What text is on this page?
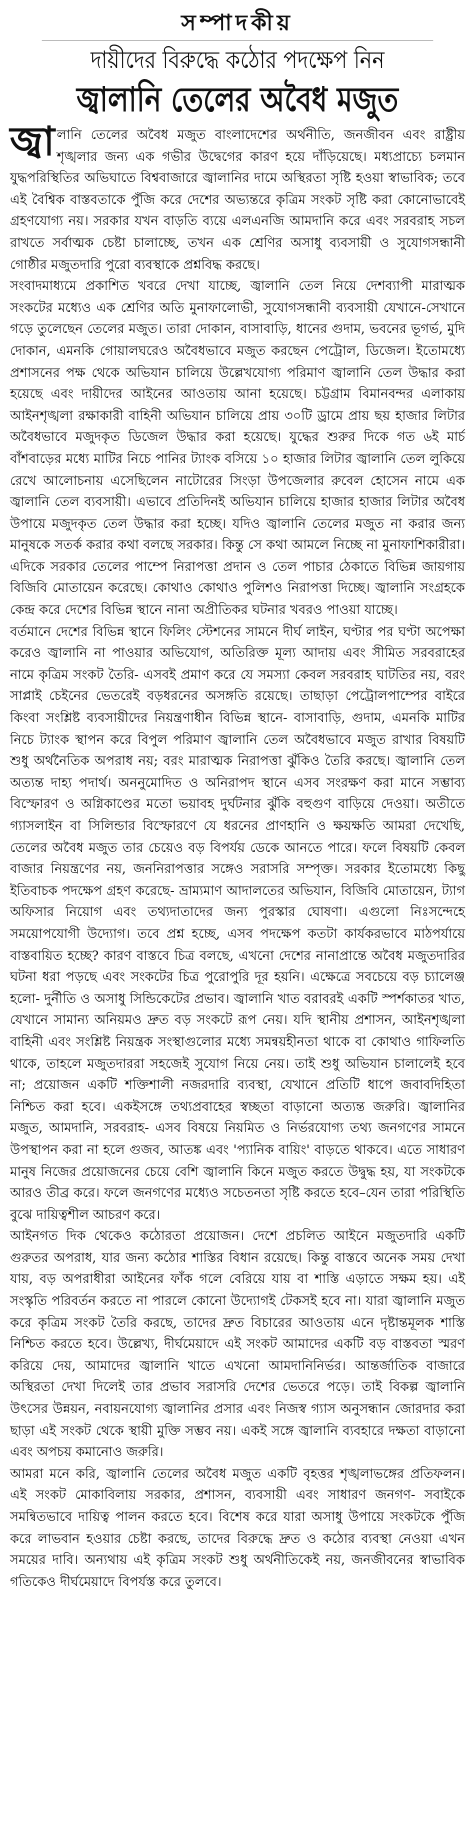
সম্পাদকীয়
দায়ীদের বিরুদ্ধে কঠোর পদক্ষেপ নিন
জ্বালানি তেলের অবৈধ মজুত

জ্বা লানি তেলের অবৈধ মজুত বাংলাদেশের অর্থনীতি, জনজীবন এবং রাষ্ট্রীয় শৃঙ্খলার জন্য এক গভীর উদ্বেগের কারণ হয়ে দাঁড়িয়েছে। মধ্যপ্রাচ্যে চলমান যুদ্ধপরিস্থিতির অভিঘাতে বিশ্ববাজারে জ্বালানির দামে অস্থিরতা সৃষ্টি হওয়া স্বাভাবিক; তবে এই বৈশ্বিক বাস্তবতাকে পুঁজি করে দেশের অভ্যন্তরে কৃত্রিম সংকট সৃষ্টি করা কোনোভাবেই গ্রহণযোগ্য নয়। সরকার যখন বাড়তি ব্যয়ে এলএনজি আমদানি করে এবং সরবরাহ সচল রাখতে সর্বাত্মক চেষ্টা চালাচ্ছে, তখন এক শ্রেণির অসাধু ব্যবসায়ী ও সুযোগসন্ধানী গোষ্ঠীর মজুতদারি পুরো ব্যবস্থাকে প্রশ্নবিদ্ধ করছে।

সংবাদমাধ্যমে প্রকাশিত খবরে দেখা যাচ্ছে, জ্বালানি তেল নিয়ে দেশব্যাপী মারাত্মক সংকটের মধ্যেও এক শ্রেণির অতি মুনাফালোভী, সুযোগসন্ধানী ব্যবসায়ী যেখানে-সেখানে গড়ে তুলেছেন তেলের মজুত। তারা দোকান, বাসাবাড়ি, ধানের গুদাম, ভবনের ভূগর্ভ, মুদি দোকান, এমনকি গোয়ালঘরেও অবৈধভাবে মজুত করছেন পেট্রোল, ডিজেল। ইতোমধ্যে প্রশাসনের পক্ষ থেকে অভিযান চালিয়ে উল্লেখযোগ্য পরিমাণ জ্বালানি তেল উদ্ধার করা হয়েছে এবং দায়ীদের আইনের আওতায় আনা হয়েছে। চট্টগ্রাম বিমানবন্দর এলাকায় আইনশৃঙ্খলা রক্ষাকারী বাহিনী অভিযান চালিয়ে প্রায় ৩০টি ড্রামে প্রায় ছয় হাজার লিটার অবৈধভাবে মজুদকৃত ডিজেল উদ্ধার করা হয়েছে। যুদ্ধের শুরুর দিকে গত ৬ই মার্চ বাঁশবাড়ের মধ্যে মাটির নিচে পানির ট্যাংক বসিয়ে ১০ হাজার লিটার জ্বালানি তেল লুকিয়ে রেখে আলোচনায় এসেছিলেন নাটোরের সিংড়া উপজেলার রুবেল হোসেন নামে এক জ্বালানি তেল ব্যবসায়ী। এভাবে প্রতিদিনই অভিযান চালিয়ে হাজার হাজার লিটার অবৈধ উপায়ে মজুদকৃত তেল উদ্ধার করা হচ্ছে। যদিও জ্বালানি তেলের মজুত না করার জন্য মানুষকে সতর্ক করার কথা বলছে সরকার। কিন্তু সে কথা আমলে নিচ্ছে না মুনাফাশিকারীরা। এদিকে সরকার তেলের পাম্পে নিরাপত্তা প্রদান ও তেল পাচার ঠেকাতে বিভিন্ন জায়গায় বিজিবি মোতায়েন করেছে। কোথাও কোথাও পুলিশও নিরাপত্তা দিচ্ছে। জ্বালানি সংগ্রহকে কেন্দ্র করে দেশের বিভিন্ন স্থানে নানা অপ্রীতিকর ঘটনার খবরও পাওয়া যাচ্ছে।

বর্তমানে দেশের বিভিন্ন স্থানে ফিলিং স্টেশনের সামনে দীর্ঘ লাইন, ঘণ্টার পর ঘণ্টা অপেক্ষা করেও জ্বালানি না পাওয়ার অভিযোগ, অতিরিক্ত মূল্য আদায় এবং সীমিত সরবরাহের নামে কৃত্রিম সংকট তৈরি- এসবই প্রমাণ করে যে সমস্যা কেবল সরবরাহ ঘাটতির নয়, বরং সাপ্লাই চেইনের ভেতরেই বড়ধরনের অসঙ্গতি রয়েছে। তাছাড়া পেট্রোলপাম্পের বাইরে কিংবা সংশ্লিষ্ট ব্যবসায়ীদের নিয়ন্ত্রণাধীন বিভিন্ন স্থানে- বাসাবাড়ি, গুদাম, এমনকি মাটির নিচে ট্যাংক স্থাপন করে বিপুল পরিমাণ জ্বালানি তেল অবৈধভাবে মজুত রাখার বিষয়টি শুধু অর্থনৈতিক অপরাধ নয়; বরং মারাত্মক নিরাপত্তা ঝুঁকিও তৈরি করছে। জ্বালানি তেল অত্যন্ত দাহ্য পদার্থ। অননুমোদিত ও অনিরাপদ স্থানে এসব সংরক্ষণ করা মানে সম্ভাব্য বিস্ফোরণ ও অগ্নিকাণ্ডের মতো ভয়াবহ দুর্ঘটনার ঝুঁকি বহুগুণ বাড়িয়ে দেওয়া। অতীতে গ্যাসলাইন বা সিলিন্ডার বিস্ফোরণে যে ধরনের প্রাণহানি ও ক্ষয়ক্ষতি আমরা দেখেছি, তেলের অবৈধ মজুত তার চেয়েও বড় বিপর্যয় ডেকে আনতে পারে। ফলে বিষয়টি কেবল বাজার নিয়ন্ত্রণের নয়, জননিরাপত্তার সঙ্গেও সরাসরি সম্পৃক্ত। সরকার ইতোমধ্যে কিছু ইতিবাচক পদক্ষেপ গ্রহণ করেছে- ভ্রাম্যমাণ আদালতের অভিযান, বিজিবি মোতায়েন, ট্যাগ অফিসার নিয়োগ এবং তথ্যদাতাদের জন্য পুরস্কার ঘোষণা। এগুলো নিঃসন্দেহে সময়োপযোগী উদ্যোগ। তবে প্রশ্ন হচ্ছে, এসব পদক্ষেপ কতটা কার্যকরভাবে মাঠপর্যায়ে বাস্তবায়িত হচ্ছে? কারণ বাস্তবে চিত্র বলছে, এখনো দেশের নানাপ্রান্তে অবৈধ মজুতদারির ঘটনা ধরা পড়ছে এবং সংকটের চিত্র পুরোপুরি দূর হয়নি। এক্ষেত্রে সবচেয়ে বড় চ্যালেঞ্জ হলো- দুর্নীতি ও অসাধু সিন্ডিকেটের প্রভাব। জ্বালানি খাত বরাবরই একটি স্পর্শকাতর খাত, যেখানে সামান্য অনিয়মও দ্রুত বড় সংকটে রূপ নেয়। যদি স্থানীয় প্রশাসন, আইনশৃঙ্খলা বাহিনী এবং সংশ্লিষ্ট নিয়ন্ত্রক সংস্থাগুলোর মধ্যে সমন্বয়হীনতা থাকে বা কোথাও গাফিলতি থাকে, তাহলে মজুতদাররা সহজেই সুযোগ নিয়ে নেয়। তাই শুধু অভিযান চালালেই হবে না; প্রয়োজন একটি শক্তিশালী নজরদারি ব্যবস্থা, যেখানে প্রতিটি ধাপে জবাবদিহিতা নিশ্চিত করা হবে। একইসঙ্গে তথ্যপ্রবাহের স্বচ্ছতা বাড়ানো অত্যন্ত জরুরি। জ্বালানির মজুত, আমদানি, সরবরাহ- এসব বিষয়ে নিয়মিত ও নির্ভরযোগ্য তথ্য জনগণের সামনে উপস্থাপন করা না হলে গুজব, আতঙ্ক এবং 'প্যানিক বায়িং' বাড়তে থাকবে। এতে সাধারণ মানুষ নিজের প্রয়োজনের চেয়ে বেশি জ্বালানি কিনে মজুত করতে উদ্বুদ্ধ হয়, যা সংকটকে আরও তীব্র করে। ফলে জনগণের মধ্যেও সচেতনতা সৃষ্টি করতে হবে–যেন তারা পরিস্থিতি বুঝে দায়িত্বশীল আচরণ করে।

আইনগত দিক থেকেও কঠোরতা প্রয়োজন। দেশে প্রচলিত আইনে মজুতদারি একটি গুরুতর অপরাধ, যার জন্য কঠোর শাস্তির বিধান রয়েছে। কিন্তু বাস্তবে অনেক সময় দেখা যায়, বড় অপরাধীরা আইনের ফাঁক গলে বেরিয়ে যায় বা শাস্তি এড়াতে সক্ষম হয়। এই সংস্কৃতি পরিবর্তন করতে না পারলে কোনো উদ্যোগই টেকসই হবে না। যারা জ্বালানি মজুত করে কৃত্রিম সংকট তৈরি করছে, তাদের দ্রুত বিচারের আওতায় এনে দৃষ্টান্তমূলক শাস্তি নিশ্চিত করতে হবে। উল্লেখ্য, দীর্ঘমেয়াদে এই সংকট আমাদের একটি বড় বাস্তবতা স্মরণ করিয়ে দেয়, আমাদের জ্বালানি খাতে এখনো আমদানিনির্ভর। আন্তর্জাতিক বাজারে অস্থিরতা দেখা দিলেই তার প্রভাব সরাসরি দেশের ভেতরে পড়ে। তাই বিকল্প জ্বালানি উৎসের উন্নয়ন, নবায়নযোগ্য জ্বালানির প্রসার এবং নিজস্ব গ্যাস অনুসন্ধান জোরদার করা ছাড়া এই সংকট থেকে স্থায়ী মুক্তি সম্ভব নয়। একই সঙ্গে জ্বালানি ব্যবহারে দক্ষতা বাড়ানো এবং অপচয় কমানোও জরুরি।

আমরা মনে করি, জ্বালানি তেলের অবৈধ মজুত একটি বৃহত্তর শৃঙ্খলাভঙ্গের প্রতিফলন। এই সংকট মোকাবিলায় সরকার, প্রশাসন, ব্যবসায়ী এবং সাধারণ জনগণ- সবাইকে সমন্বিতভাবে দায়িত্ব পালন করতে হবে। বিশেষ করে যারা অসাধু উপায়ে সংকটকে পুঁজি করে লাভবান হওয়ার চেষ্টা করছে, তাদের বিরুদ্ধে দ্রুত ও কঠোর ব্যবস্থা নেওয়া এখন সময়ের দাবি। অন্যথায় এই কৃত্রিম সংকট শুধু অর্থনীতিকেই নয়, জনজীবনের স্বাভাবিক গতিকেও দীর্ঘমেয়াদে বিপর্যস্ত করে তুলবে।
